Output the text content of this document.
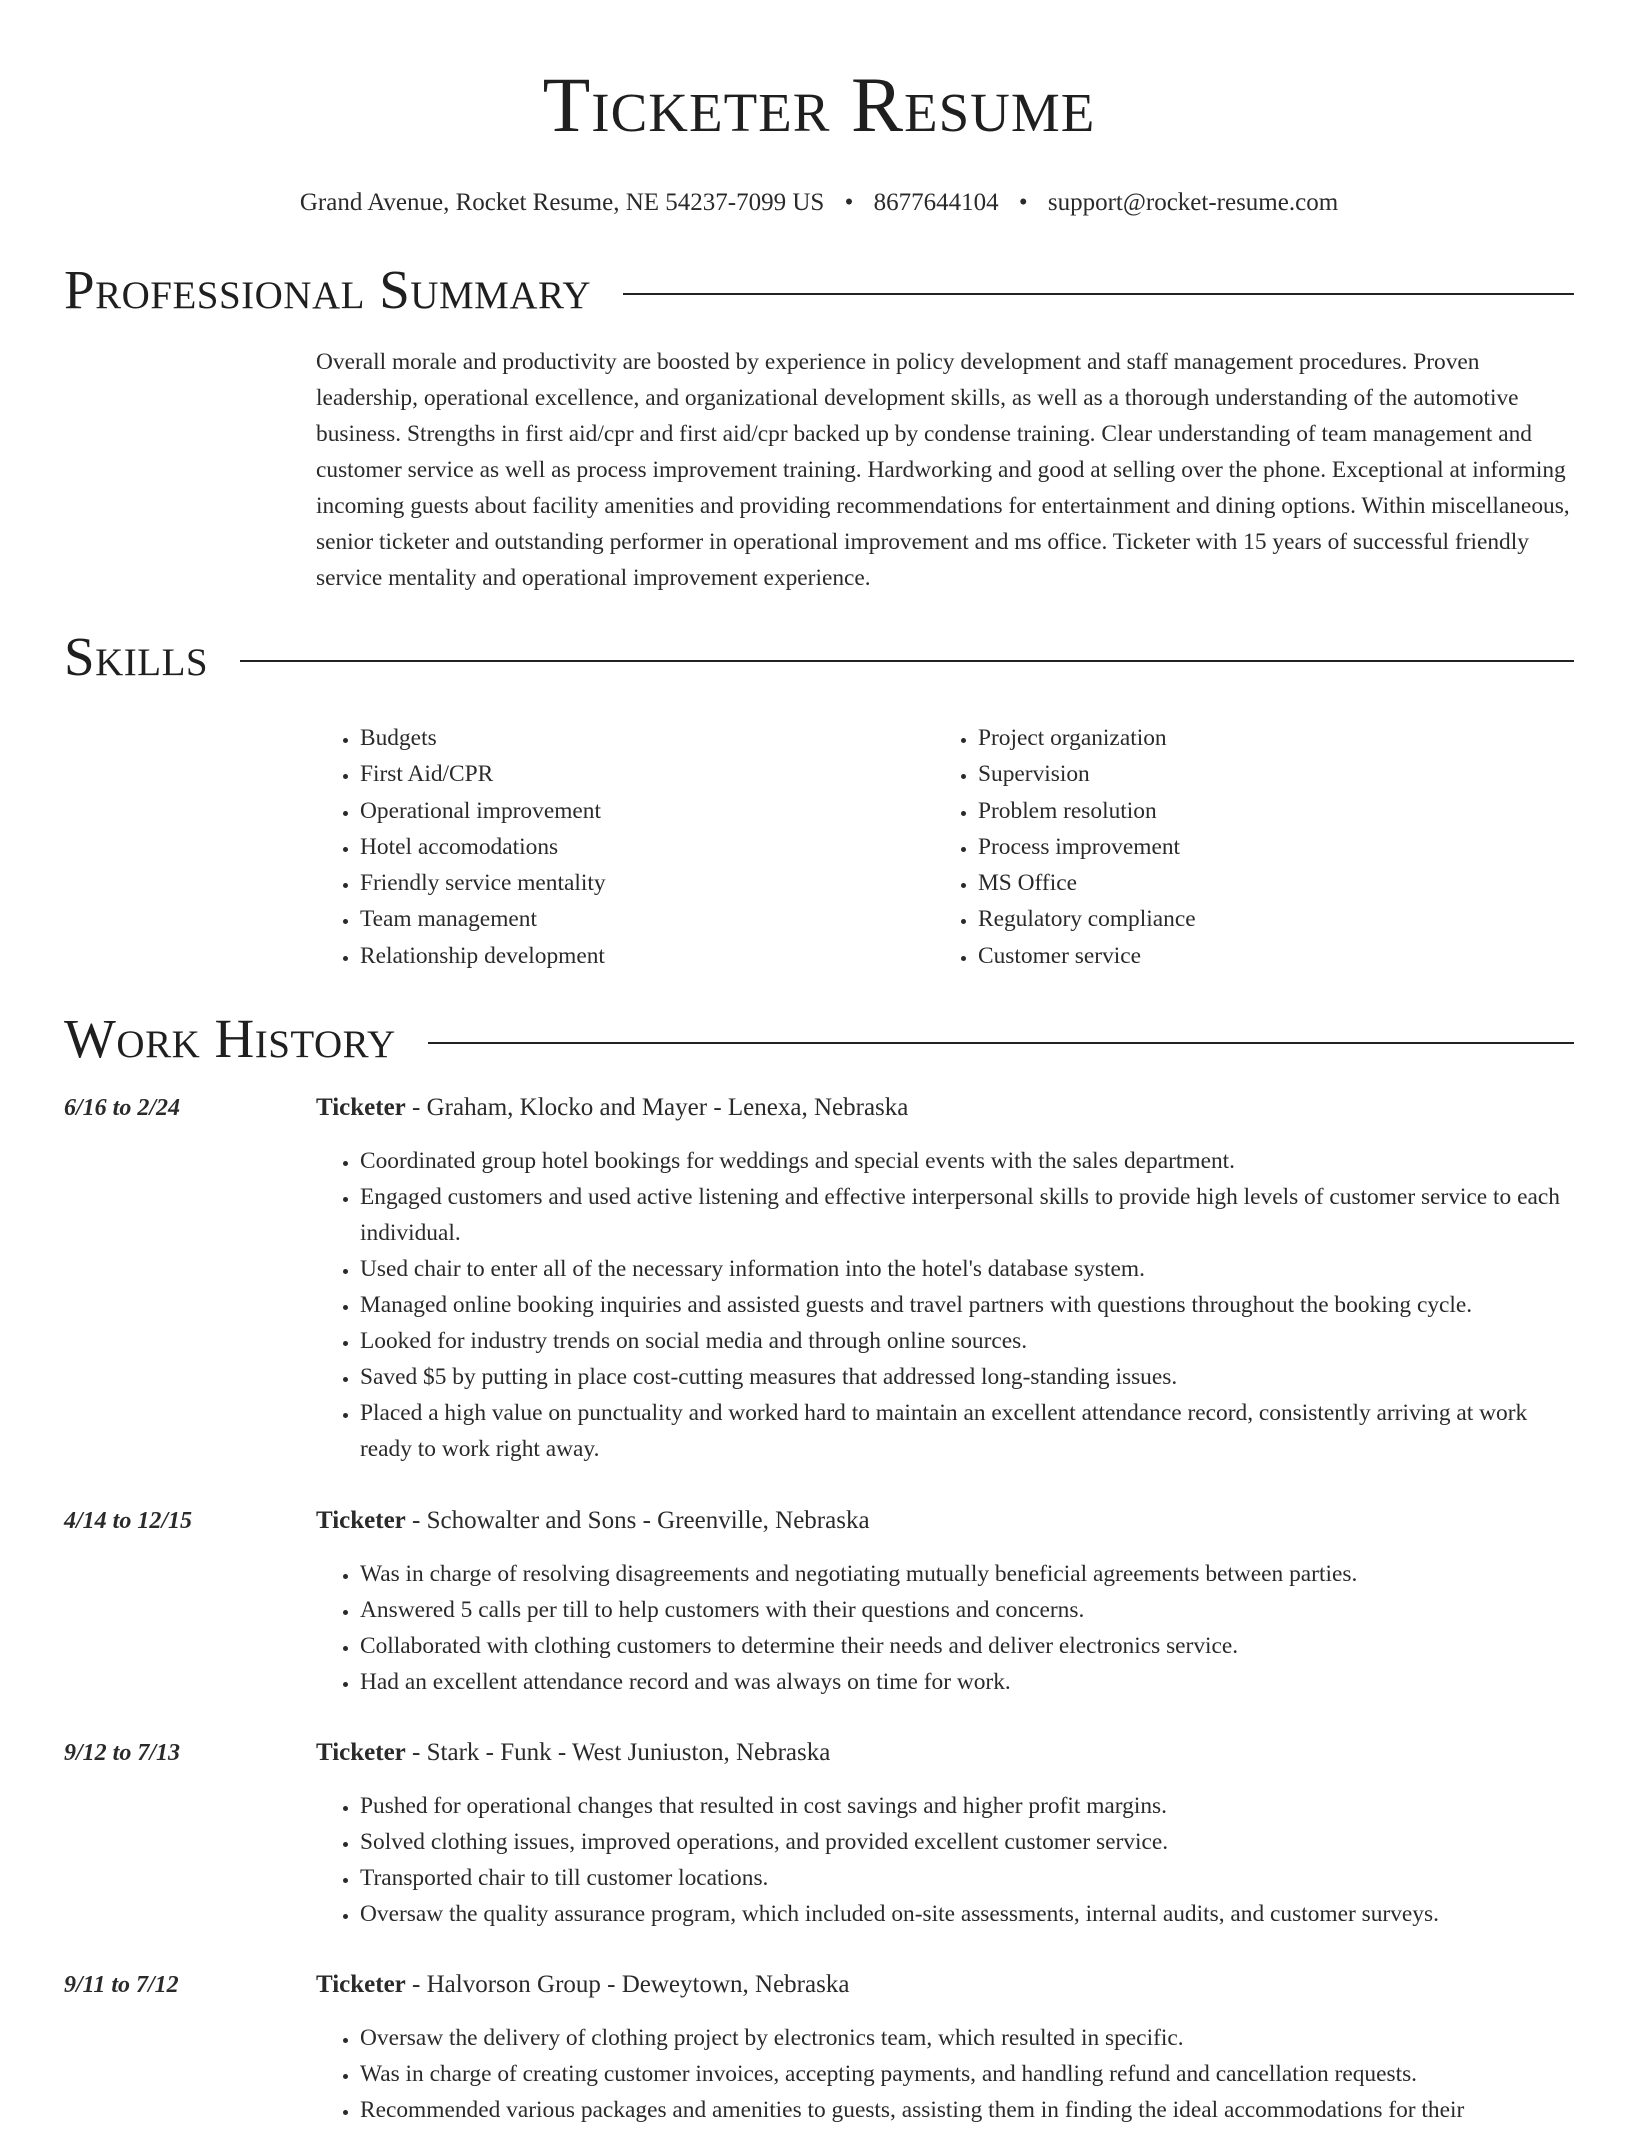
Ticketer Resume
Grand Avenue, Rocket Resume, NE 54237-7099 US • 8677644104 • support@rocket-resume.com
Professional Summary

Overall morale and productivity are boosted by experience in policy development and staff management procedures. Proven leadership, operational excellence, and organizational development skills, as well as a thorough understanding of the automotive business. Strengths in first aid/cpr and first aid/cpr backed up by condense training. Clear understanding of team management and customer service as well as process improvement training. Hardworking and good at selling over the phone. Exceptional at informing incoming guests about facility amenities and providing recommendations for entertainment and dining options. Within miscellaneous, senior ticketer and outstanding performer in operational improvement and ms office. Ticketer with 15 years of successful friendly service mentality and operational improvement experience.

Skills
• Budgets
• First Aid/CPR
• Operational improvement
• Hotel accomodations
• Friendly service mentality
• Team management
• Relationship development
• Project organization
• Supervision
• Problem resolution
• Process improvement
• MS Office
• Regulatory compliance
• Customer service
Work History
6/16 to 2/24	Ticketer - Graham, Klocko and Mayer - Lenexa, Nebraska
• Coordinated group hotel bookings for weddings and special events with the sales department.
• Engaged customers and used active listening and effective interpersonal skills to provide high levels of customer service to each individual.
• Used chair to enter all of the necessary information into the hotel's database system.
• Managed online booking inquiries and assisted guests and travel partners with questions throughout the booking cycle.
• Looked for industry trends on social media and through online sources.
• Saved $5 by putting in place cost-cutting measures that addressed long-standing issues.
• Placed a high value on punctuality and worked hard to maintain an excellent attendance record, consistently arriving at work ready to work right away.
4/14 to 12/15	Ticketer - Schowalter and Sons - Greenville, Nebraska
• Was in charge of resolving disagreements and negotiating mutually beneficial agreements between parties.
• Answered 5 calls per till to help customers with their questions and concerns.
• Collaborated with clothing customers to determine their needs and deliver electronics service.
• Had an excellent attendance record and was always on time for work.
9/12 to 7/13	Ticketer - Stark - Funk - West Juniuston, Nebraska
• Pushed for operational changes that resulted in cost savings and higher profit margins.
• Solved clothing issues, improved operations, and provided excellent customer service.
• Transported chair to till customer locations.
• Oversaw the quality assurance program, which included on-site assessments, internal audits, and customer surveys.
9/11 to 7/12	Ticketer - Halvorson Group - Deweytown, Nebraska
• Oversaw the delivery of clothing project by electronics team, which resulted in specific.
• Was in charge of creating customer invoices, accepting payments, and handling refund and cancellation requests.
• Recommended various packages and amenities to guests, assisting them in finding the ideal accommodations for their
